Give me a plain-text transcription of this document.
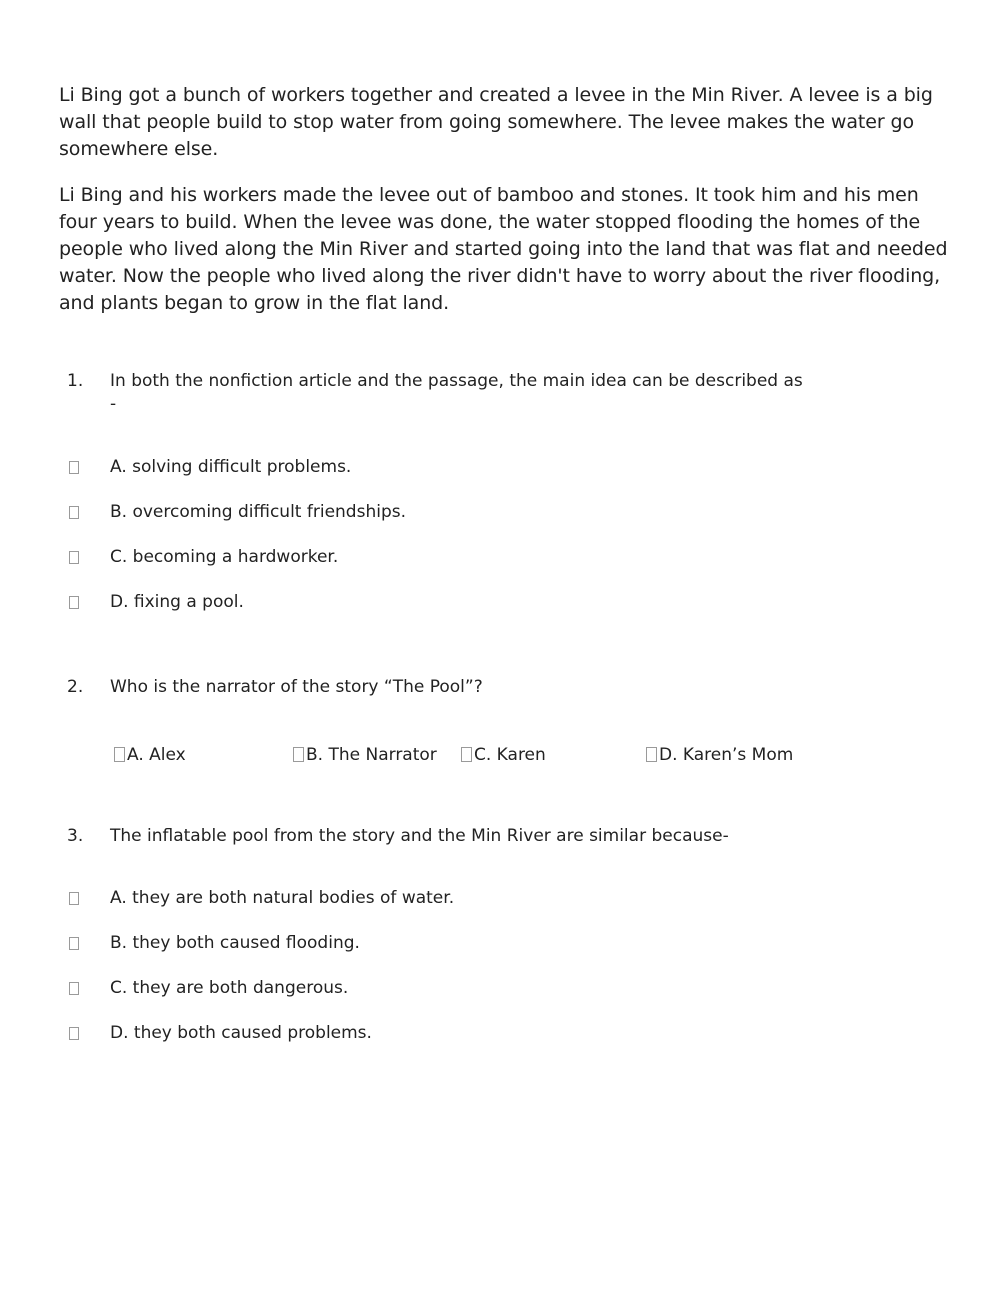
Li Bing got a bunch of workers together and created a levee in the Min River. A levee is a big wall that people build to stop water from going somewhere. The levee makes the water go somewhere else.

Li Bing and his workers made the levee out of bamboo and stones. It took him and his men four years to build. When the levee was done, the water stopped flooding the homes of the people who lived along the Min River and started going into the land that was flat and needed water. Now the people who lived along the river didn't have to worry about the river flooding, and plants began to grow in the flat land.

1. In both the nonfiction article and the passage, the main idea can be described as -
A. solving difficult problems.
B. overcoming difficult friendships.
C. becoming a hardworker.
D. fixing a pool.
2. Who is the narrator of the story “The Pool”?
A. Alex	B. The Narrator C. Karen	D. Karen’s Mom
3. The inflatable pool from the story and the Min River are similar because-
A. they are both natural bodies of water.
B. they both caused flooding.
C. they are both dangerous.
D. they both caused problems.
